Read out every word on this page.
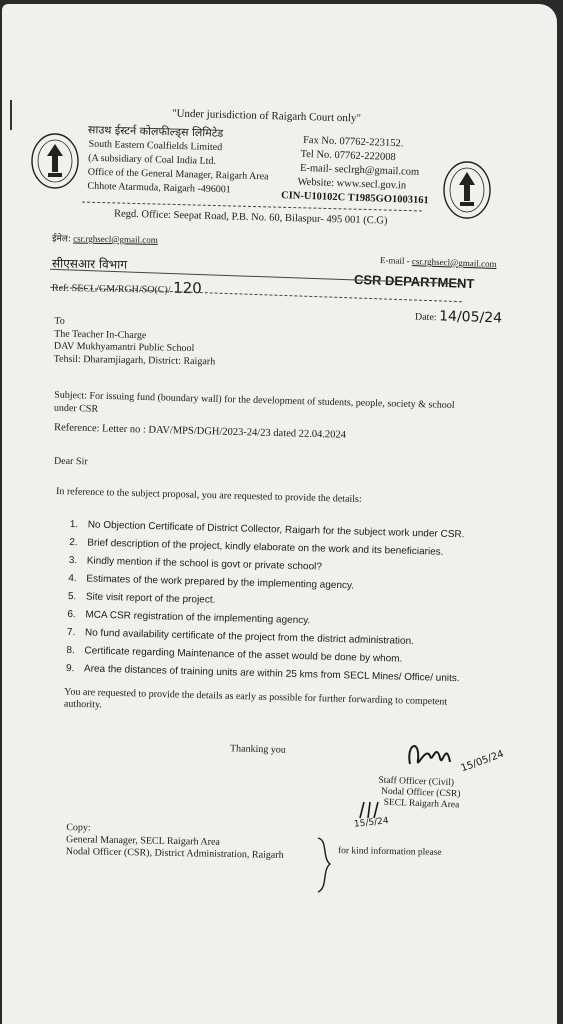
"Under jurisdiction of Raigarh Court only"
साउथ ईस्टर्न कोलफील्ड्स लिमिटेड
South Eastern Coalfields Limited
(A subsidiary of Coal India Ltd.
Office of the General Manager, Raigarh Area
Chhote Atarmuda, Raigarh -496001
Fax No. 07762-223152.
Tel No. 07762-222008
E-mail- seclrgh@gmail.com
Website: www.secl.gov.in
CIN-U10102C T1985GO1003161
Regd. Office: Seepat Road, P.B. No. 60, Bilaspur- 495 001 (C.G)
ईमेल: csr.rghsecl@gmail.com
सीएसआर विभाग	E-mail - csr.rghsecl@gmail.com
CSR DEPARTMENT
Ref: SECL/GM/RGH/SO(C)/ 120
Date: 14/05/24
To
The Teacher In-Charge
DAV Mukhyamantri Public School
Tehsil: Dharamjiagarh, District: Raigarh
Subject: For issuing fund (boundary wall) for the development of students, people, society & school under CSR
Reference: Letter no : DAV/MPS/DGH/2023-24/23 dated 22.04.2024
Dear Sir
In reference to the subject proposal, you are requested to provide the details:
1. No Objection Certificate of District Collector, Raigarh for the subject work under CSR.
2. Brief description of the project, kindly elaborate on the work and its beneficiaries.
3. Kindly mention if the school is govt or private school?
4. Estimates of the work prepared by the implementing agency.
5. Site visit report of the project.
6. MCA CSR registration of the implementing agency.
7. No fund availability certificate of the project from the district administration.
8. Certificate regarding Maintenance of the asset would be done by whom.
9. Area the distances of training units are within 25 kms from SECL Mines/ Office/ units.
You are requested to provide the details as early as possible for further forwarding to competent authority.
Thanking you	15/05/24
Staff Officer (Civil)
Nodal Officer (CSR)
SECL Raigarh Area
15/5/24
Copy:
General Manager, SECL Raigarh Area
Nodal Officer (CSR), District Administration, Raigarh	for kind information please
